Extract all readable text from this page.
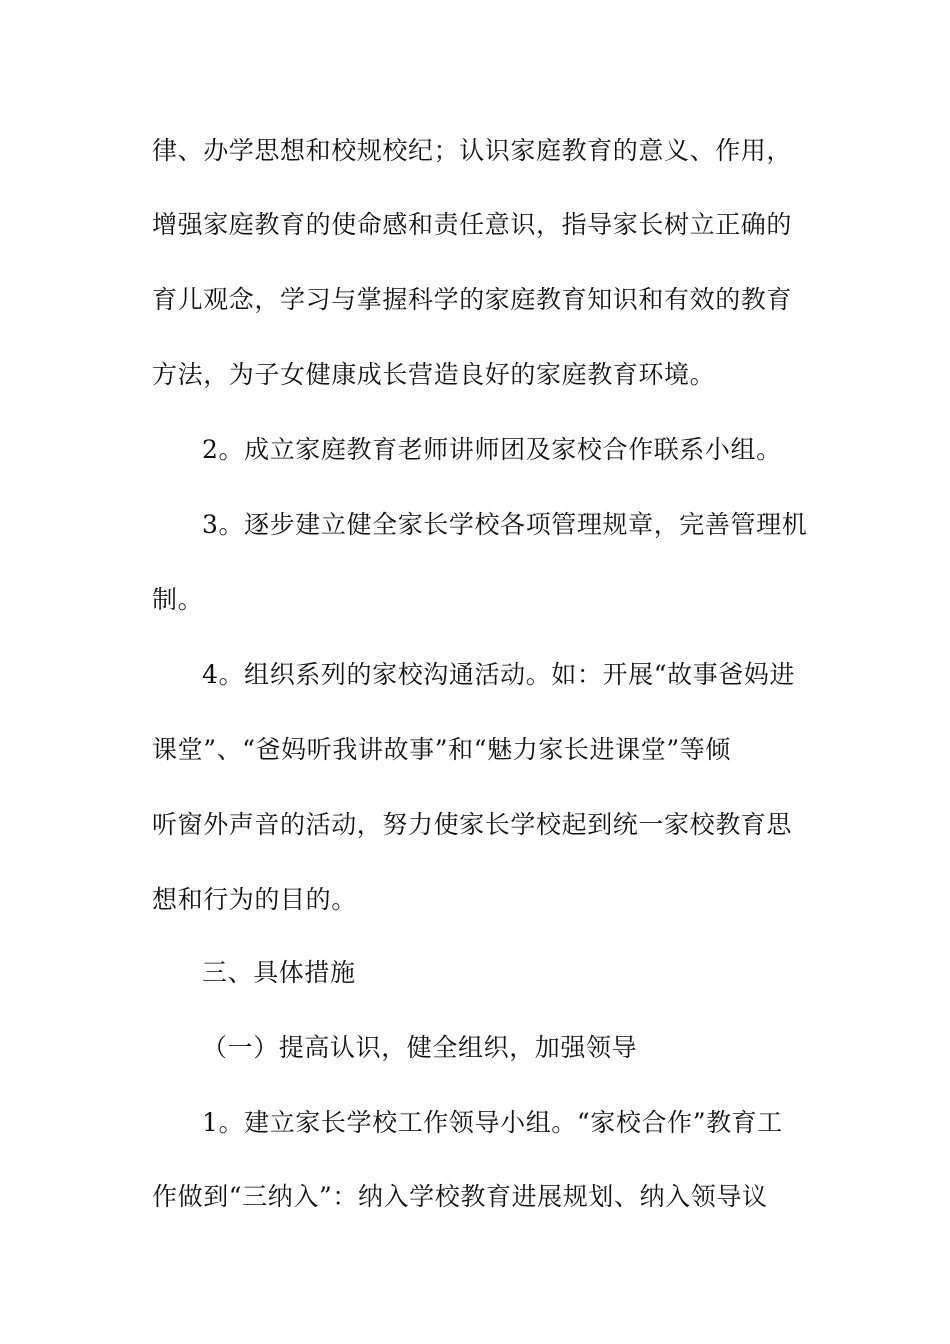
律、办学思想和校规校纪；认识家庭教育的意义、作用，
增强家庭教育的使命感和责任意识，指导家长树立正确的
育儿观念，学习与掌握科学的家庭教育知识和有效的教育
方法，为子女健康成长营造良好的家庭教育环境。
2。成立家庭教育老师讲师团及家校合作联系小组。
3。逐步建立健全家长学校各项管理规章，完善管理机
制。
4。组织系列的家校沟通活动。如：开展“故事爸妈进
课堂”、“爸妈听我讲故事”和“魅力家长进课堂”等倾
听窗外声音的活动，努力使家长学校起到统一家校教育思
想和行为的目的。
三、具体措施
（一）提高认识，健全组织，加强领导
1。建立家长学校工作领导小组。“家校合作”教育工
作做到“三纳入”：纳入学校教育进展规划、纳入领导议
